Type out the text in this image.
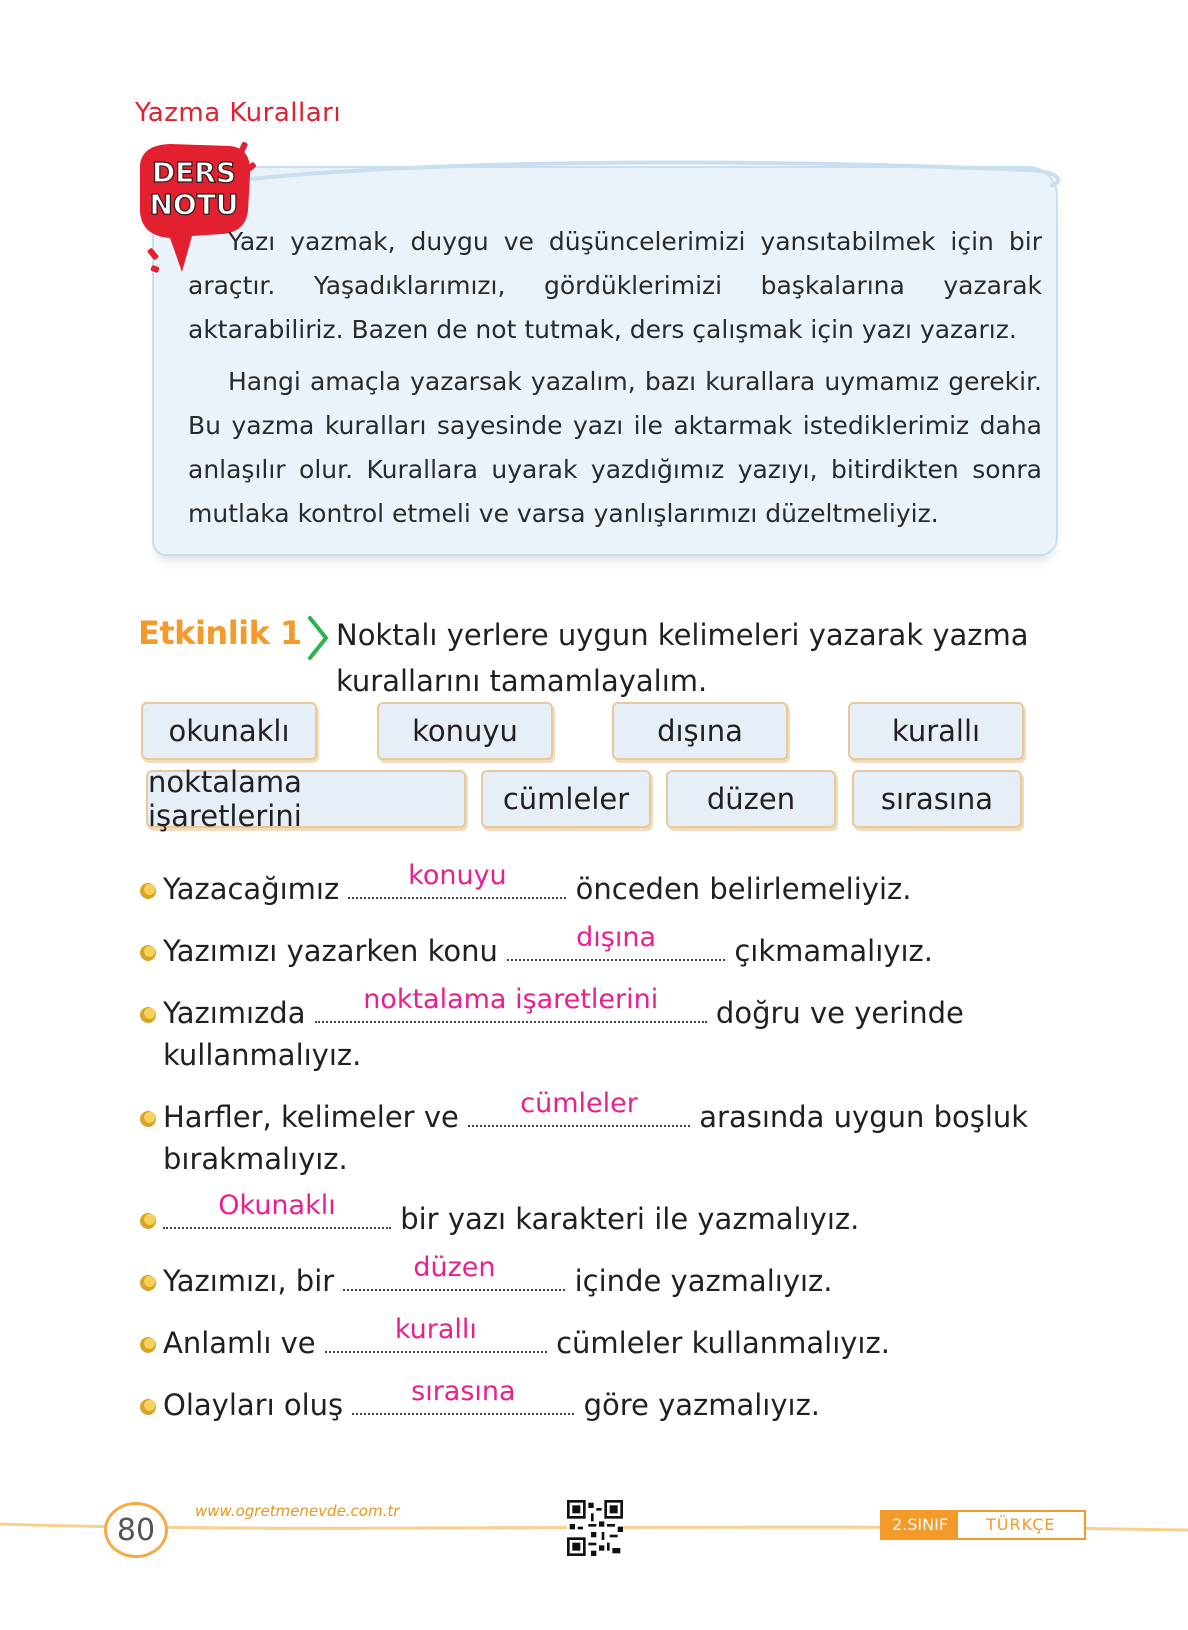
Yazma Kuralları
DERS
NOTU

Yazı yazmak, duygu ve düşüncelerimizi yansıtabilmek için bir araçtır. Yaşadıklarımızı, gördüklerimizi başkalarına yazarak aktarabiliriz. Bazen de not tutmak, ders çalışmak için yazı yazarız.

Hangi amaçla yazarsak yazalım, bazı kurallara uymamız gerekir. Bu yazma kuralları sayesinde yazı ile aktarmak istediklerimiz daha anlaşılır olur. Kurallara uyarak yazdığımız yazıyı, bitirdikten sonra mutlaka kontrol etmeli ve varsa yanlışlarımızı düzeltmeliyiz.

Etkinlik 1 Noktalı yerlere uygun kelimeleri yazarak yazma kurallarını tamamlayalım.
okunaklı	konuyu	dışına	kurallı
noktalama işaretlerini	cümleler	düzen	sırasına
Yazacağımız	konuyu	önceden belirlemeliyiz.
Yazımızı yazarken konu	dışına	çıkmamalıyız.
Yazımızda	noktalama işaretlerini	doğru ve yerinde
kullanmalıyız.
Harfler, kelimeler ve	cümleler	arasında uygun boşluk
bırakmalıyız.
Okunaklı	bir yazı karakteri ile yazmalıyız.
Yazımızı, bir	düzen	içinde yazmalıyız.
Anlamlı ve	kurallı	cümleler kullanmalıyız.
Olayları oluş	sırasına	göre yazmalıyız.
80
www.ogretmenevde.com.tr
2.SINIF	TÜRKÇE
